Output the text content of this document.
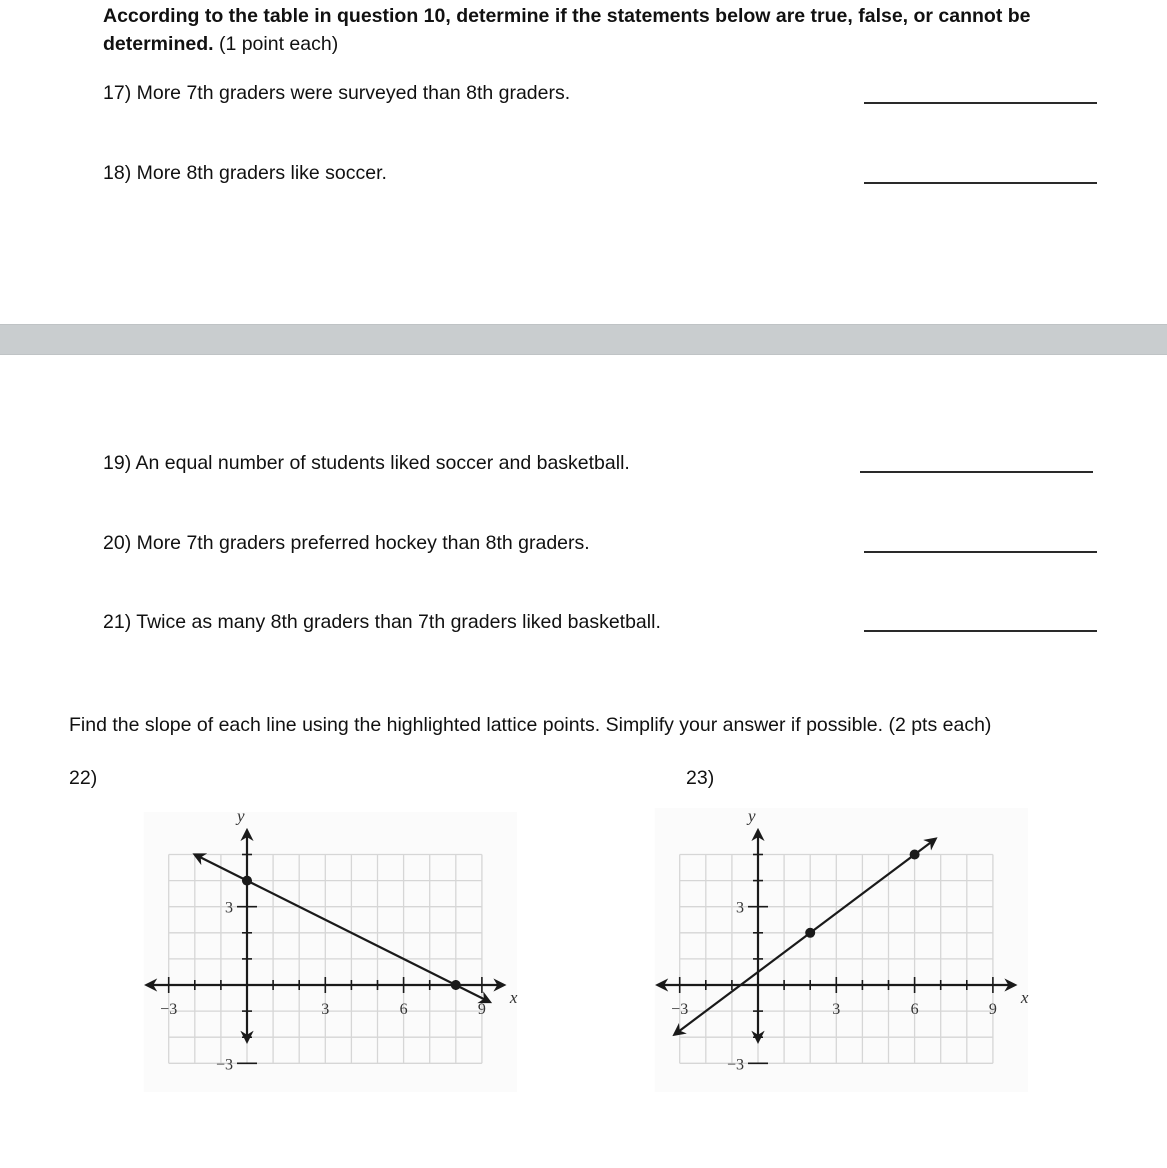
According to the table in question 10, determine if the statements below are true, false, or cannot be determined. (1 point each)
17) More 7th graders were surveyed than 8th graders.
18) More 8th graders like soccer.
19) An equal number of students liked soccer and basketball.
20) More 7th graders preferred hockey than 8th graders.
21) Twice as many 8th graders than 7th graders liked basketball.
Find the slope of each line using the highlighted lattice points. Simplify your answer if possible. (2 pts each)
22)	23)
−3	3	6	9
3
−3
x
y
−3	3	6	9
3
−3
x
y
